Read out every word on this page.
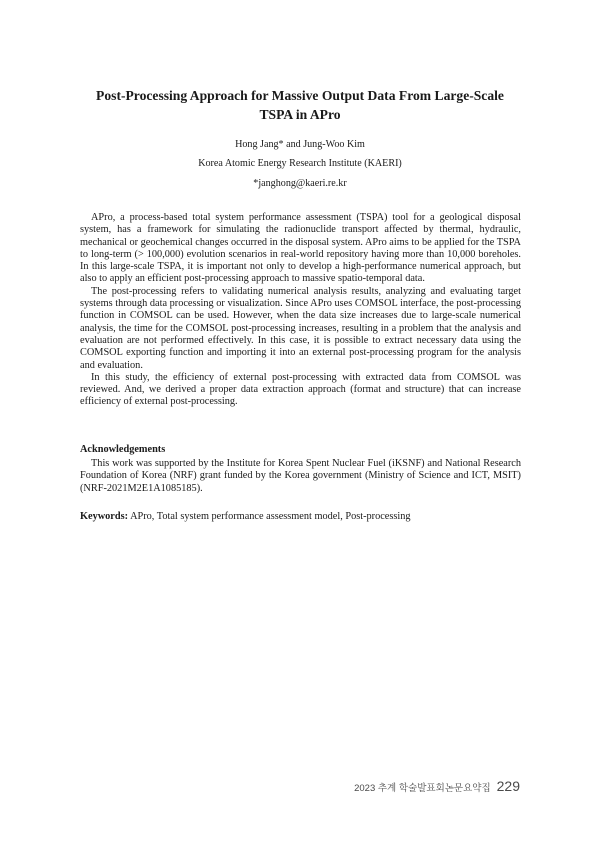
Post-Processing Approach for Massive Output Data From Large-Scale
TSPA in APro

Hong Jang* and Jung-Woo Kim

Korea Atomic Energy Research Institute (KAERI)

*janghong@kaeri.re.kr

APro, a process-based total system performance assessment (TSPA) tool for a geological disposal system, has a framework for simulating the radionuclide transport affected by thermal, hydraulic, mechanical or geochemical changes occurred in the disposal system. APro aims to be applied for the TSPA to long-term (> 100,000) evolution scenarios in real-world repository having more than 10,000 boreholes. In this large-scale TSPA, it is important not only to develop a high-performance numerical approach, but also to apply an efficient post-processing approach to massive spatio-temporal data.

The post-processing refers to validating numerical analysis results, analyzing and evaluating target systems through data processing or visualization. Since APro uses COMSOL interface, the post-processing function in COMSOL can be used. However, when the data size increases due to large-scale numerical analysis, the time for the COMSOL post-processing increases, resulting in a problem that the analysis and evaluation are not performed effectively. In this case, it is possible to extract necessary data using the COMSOL exporting function and importing it into an external post-processing program for the analysis and evaluation.

In this study, the efficiency of external post-processing with extracted data from COMSOL was reviewed. And, we derived a proper data extraction approach (format and structure) that can increase efficiency of external post-processing.

Acknowledgements

This work was supported by the Institute for Korea Spent Nuclear Fuel (iKSNF) and National Research Foundation of Korea (NRF) grant funded by the Korea government (Ministry of Science and ICT, MSIT) (NRF-2021M2E1A1085185).

Keywords: APro, Total system performance assessment model, Post-processing

2023 추계 학술발표회논문요약집 229
